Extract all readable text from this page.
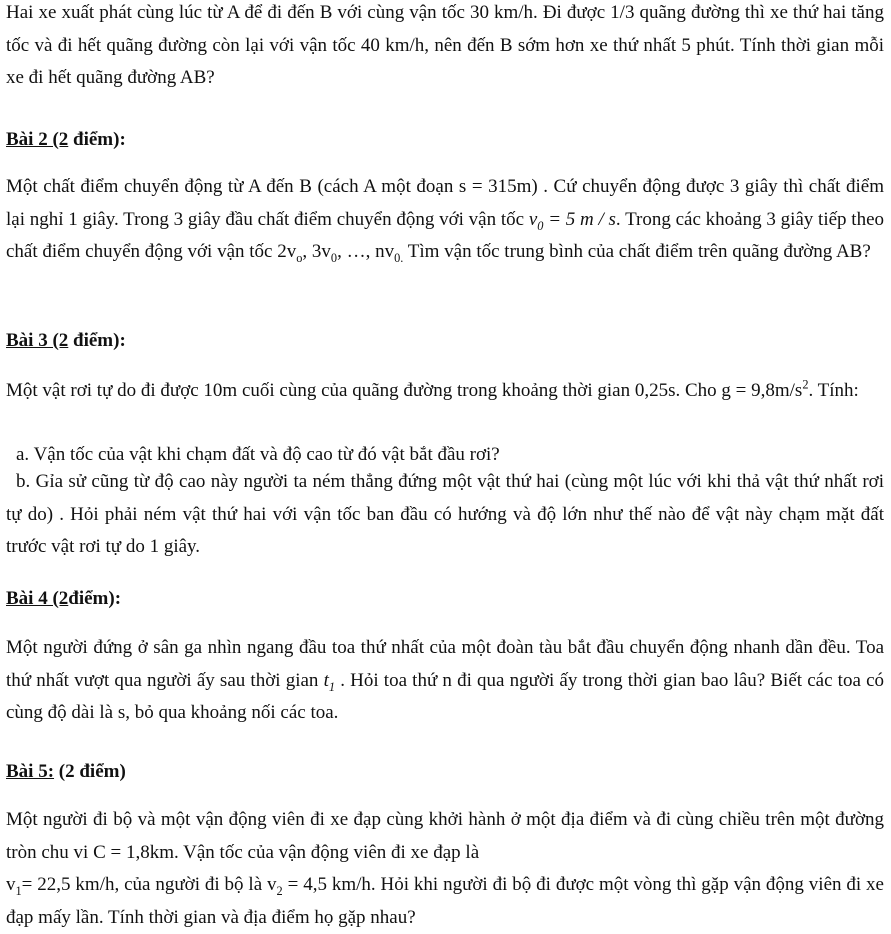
Hai xe xuất phát cùng lúc từ A để đi đến B với cùng vận tốc 30 km/h. Đi được 1/3 quãng đường thì xe thứ hai tăng tốc và đi hết quãng đường còn lại với vận tốc 40 km/h, nên đến B sớm hơn xe thứ nhất 5 phút. Tính thời gian mỗi xe đi hết quãng đường AB?

Bài 2 (2 điểm):

Một chất điểm chuyển động từ A đến B (cách A một đoạn s = 315m) . Cứ chuyển động được 3 giây thì chất điểm lại nghỉ 1 giây. Trong 3 giây đầu chất điểm chuyển động với vận tốc $v_0 = 5$ m / s. Trong các khoảng 3 giây tiếp theo chất điểm chuyển động với vận tốc $2v_o$, $3v_0$, …, $nv_{0.}$ Tìm vận tốc trung bình của chất điểm trên quãng đường AB?

Bài 3 (2 điểm):

Một vật rơi tự do đi được 10m cuối cùng của quãng đường trong khoảng thời gian 0,25s. Cho $g = 9,8m/s^2$. Tính:

a. Vận tốc của vật khi chạm đất và độ cao từ đó vật bắt đầu rơi?

b. Gỉa sử cũng từ độ cao này người ta ném thẳng đứng một vật thứ hai (cùng một lúc với khi thả vật thứ nhất rơi tự do) . Hỏi phải ném vật thứ hai với vận tốc ban đầu có hướng và độ lớn như thế nào để vật này chạm mặt đất trước vật rơi tự do 1 giây.

Bài 4 (2điểm):

Một người đứng ở sân ga nhìn ngang đầu toa thứ nhất của một đoàn tàu bắt đầu chuyển động nhanh dần đều. Toa thứ nhất vượt qua người ấy sau thời gian $t_1$ . Hỏi toa thứ n đi qua người ấy trong thời gian bao lâu? Biết các toa có cùng độ dài là s, bỏ qua khoảng nối các toa.

Bài 5: (2 điểm)

Một người đi bộ và một vận động viên đi xe đạp cùng khởi hành ở một địa điểm và đi cùng chiều trên một đường tròn chu vi C = 1,8km. Vận tốc của vận động viên đi xe đạp là
$v_1= 22,5$ km/h, của người đi bộ là $v_2 = 4,5$ km/h. Hỏi khi người đi bộ đi được một vòng thì gặp vận động viên đi xe đạp mấy lần. Tính thời gian và địa điểm họ gặp nhau?
